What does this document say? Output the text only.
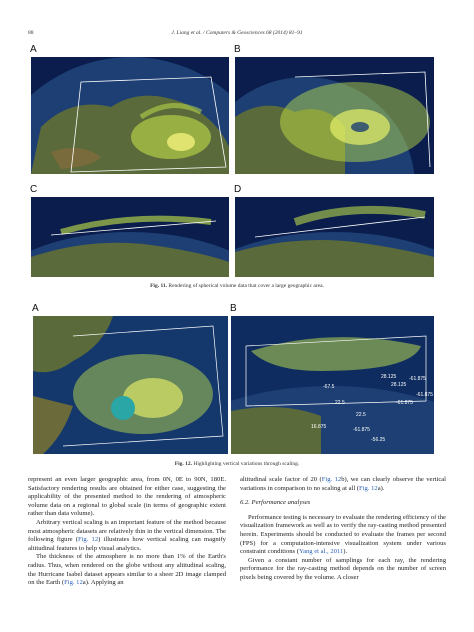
88	J. Liang et al. / Computers & Geosciences 68 (2014) 81–91
A	B
C	D
Fig. 11. Rendering of spherical volume data that cover a large geographic area.
A	B
28.125	-61.875
-67.5	28.125
22.5	-61.875
-61.875
22.5
16.875
-56.25
-61.875
Fig. 12. Highlighting vertical variations through scaling.

represent an even larger geographic area, from 0N, 0E to 90N, 180E. Satisfactory rendering results are obtained for either case, suggesting the applicability of the presented method to the rendering of atmospheric volume data on a regional to global scale (in terms of geographic extent rather than data volume).

Arbitrary vertical scaling is an important feature of the method because most atmospheric datasets are relatively thin in the vertical dimension. The following figure (Fig. 12) illustrates how vertical scaling can magnify altitudinal features to help visual analytics.

The thickness of the atmosphere is no more than 1% of the Earth's radius. Thus, when rendered on the globe without any altitudinal scaling, the Hurricane Isabel dataset appears similar to a sheer 2D image clamped on the Earth (Fig. 12a). Applying an

altitudinal scale factor of 20 (Fig. 12b), we can clearly observe the vertical variations in comparison to no scaling at all (Fig. 12a).

6.2. Performance analyses

Performance testing is necessary to evaluate the rendering efficiency of the visualization framework as well as to verify the ray-casting method presented herein. Experiments should be conducted to evaluate the frames per second (FPS) for a computation-intensive visualization system under various constraint conditions (Yang et al., 2011).

Given a constant number of samplings for each ray, the rendering performance for the ray-casting method depends on the number of screen pixels being covered by the volume. A closer
